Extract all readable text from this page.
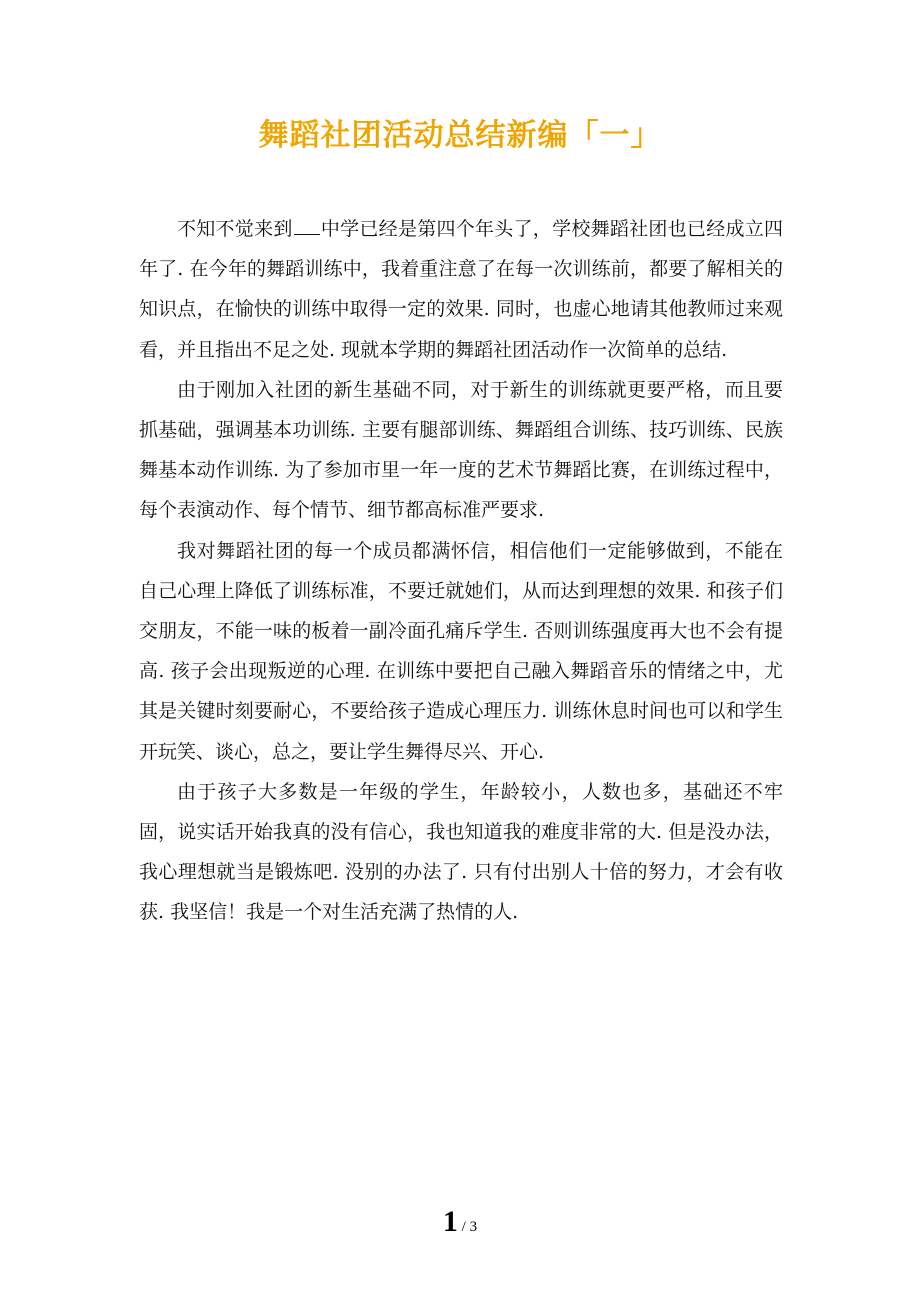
舞蹈社团活动总结新编「一」

不知不觉来到 中学已经是第四个年头了，学校舞蹈社团也已经成立四年了. 在今年的舞蹈训练中，我着重注意了在每一次训练前，都要了解相关的知识点，在愉快的训练中取得一定的效果. 同时，也虚心地请其他教师过来观看，并且指出不足之处. 现就本学期的舞蹈社团活动作一次简单的总结.

由于刚加入社团的新生基础不同，对于新生的训练就更要严格，而且要抓基础，强调基本功训练. 主要有腿部训练、舞蹈组合训练、技巧训练、民族舞基本动作训练. 为了参加市里一年一度的艺术节舞蹈比赛，在训练过程中，每个表演动作、每个情节、细节都高标准严要求.

我对舞蹈社团的每一个成员都满怀信，相信他们一定能够做到，不能在自己心理上降低了训练标准，不要迁就她们，从而达到理想的效果. 和孩子们交朋友，不能一味的板着一副冷面孔痛斥学生. 否则训练强度再大也不会有提高. 孩子会出现叛逆的心理. 在训练中要把自己融入舞蹈音乐的情绪之中，尤其是关键时刻要耐心，不要给孩子造成心理压力. 训练休息时间也可以和学生开玩笑、谈心，总之，要让学生舞得尽兴、开心.

由于孩子大多数是一年级的学生，年龄较小，人数也多，基础还不牢固，说实话开始我真的没有信心，我也知道我的难度非常的大. 但是没办法，我心理想就当是锻炼吧. 没别的办法了. 只有付出别人十倍的努力，才会有收获. 我坚信！我是一个对生活充满了热情的人.

1 / 3
